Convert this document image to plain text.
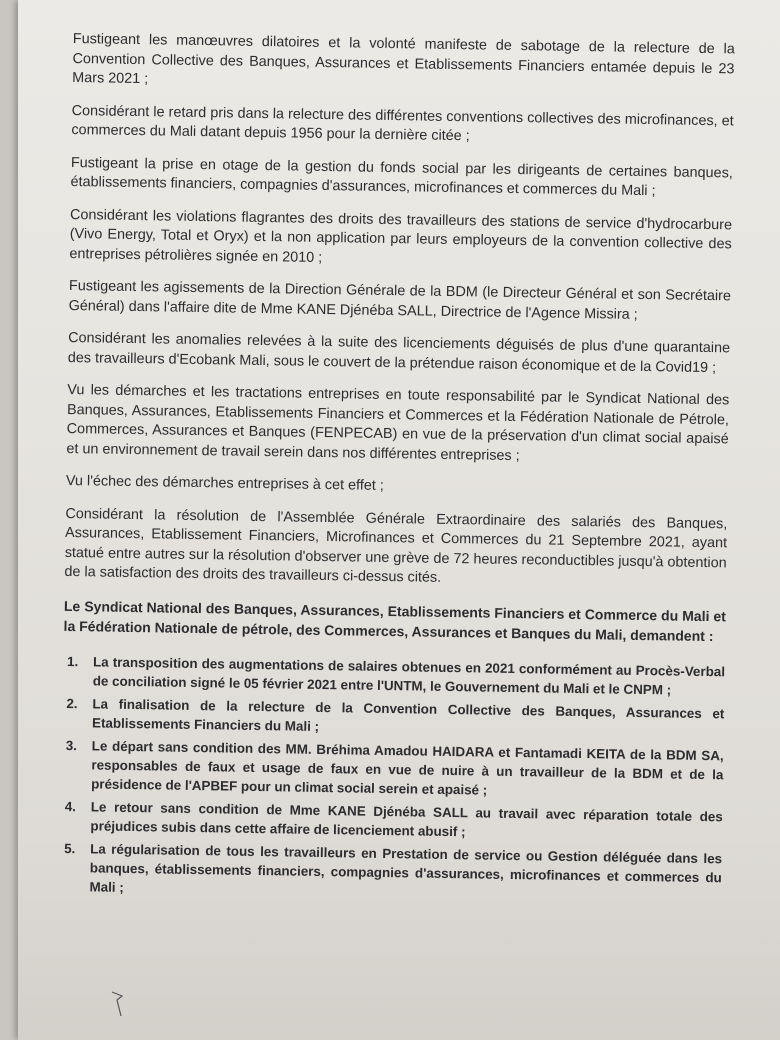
Fustigeant les manœuvres dilatoires et la volonté manifeste de sabotage de la relecture de la Convention Collective des Banques, Assurances et Etablissements Financiers entamée depuis le 23 Mars 2021 ;

Considérant le retard pris dans la relecture des différentes conventions collectives des microfinances, et commerces du Mali datant depuis 1956 pour la dernière citée ;

Fustigeant la prise en otage de la gestion du fonds social par les dirigeants de certaines banques, établissements financiers, compagnies d'assurances, microfinances et commerces du Mali ;

Considérant les violations flagrantes des droits des travailleurs des stations de service d'hydrocarbure (Vivo Energy, Total et Oryx) et la non application par leurs employeurs de la convention collective des entreprises pétrolières signée en 2010 ;

Fustigeant les agissements de la Direction Générale de la BDM (le Directeur Général et son Secrétaire Général) dans l'affaire dite de Mme KANE Djénéba SALL, Directrice de l'Agence Missira ;

Considérant les anomalies relevées à la suite des licenciements déguisés de plus d'une quarantaine des travailleurs d'Ecobank Mali, sous le couvert de la prétendue raison économique et de la Covid19 ;

Vu les démarches et les tractations entreprises en toute responsabilité par le Syndicat National des Banques, Assurances, Etablissements Financiers et Commerces et la Fédération Nationale de Pétrole, Commerces, Assurances et Banques (FENPECAB) en vue de la préservation d'un climat social apaisé et un environnement de travail serein dans nos différentes entreprises ;

Vu l'échec des démarches entreprises à cet effet ;

Considérant la résolution de l'Assemblée Générale Extraordinaire des salariés des Banques, Assurances, Etablissement Financiers, Microfinances et Commerces du 21 Septembre 2021, ayant statué entre autres sur la résolution d'observer une grève de 72 heures reconductibles jusqu'à obtention de la satisfaction des droits des travailleurs ci-dessus cités.

Le Syndicat National des Banques, Assurances, Etablissements Financiers et Commerce du Mali et la Fédération Nationale de pétrole, des Commerces, Assurances et Banques du Mali, demandent :

1. La transposition des augmentations de salaires obtenues en 2021 conformément au Procès-Verbal de conciliation signé le 05 février 2021 entre l'UNTM, le Gouvernement du Mali et le CNPM ;
2. La finalisation de la relecture de la Convention Collective des Banques, Assurances et Etablissements Financiers du Mali ;
3. Le départ sans condition des MM. Bréhima Amadou HAIDARA et Fantamadi KEITA de la BDM SA, responsables de faux et usage de faux en vue de nuire à un travailleur de la BDM et de la présidence de l'APBEF pour un climat social serein et apaisé ;
4. Le retour sans condition de Mme KANE Djénéba SALL au travail avec réparation totale des préjudices subis dans cette affaire de licenciement abusif ;
5. La régularisation de tous les travailleurs en Prestation de service ou Gestion déléguée dans les banques, établissements financiers, compagnies d'assurances, microfinances et commerces du Mali ;
